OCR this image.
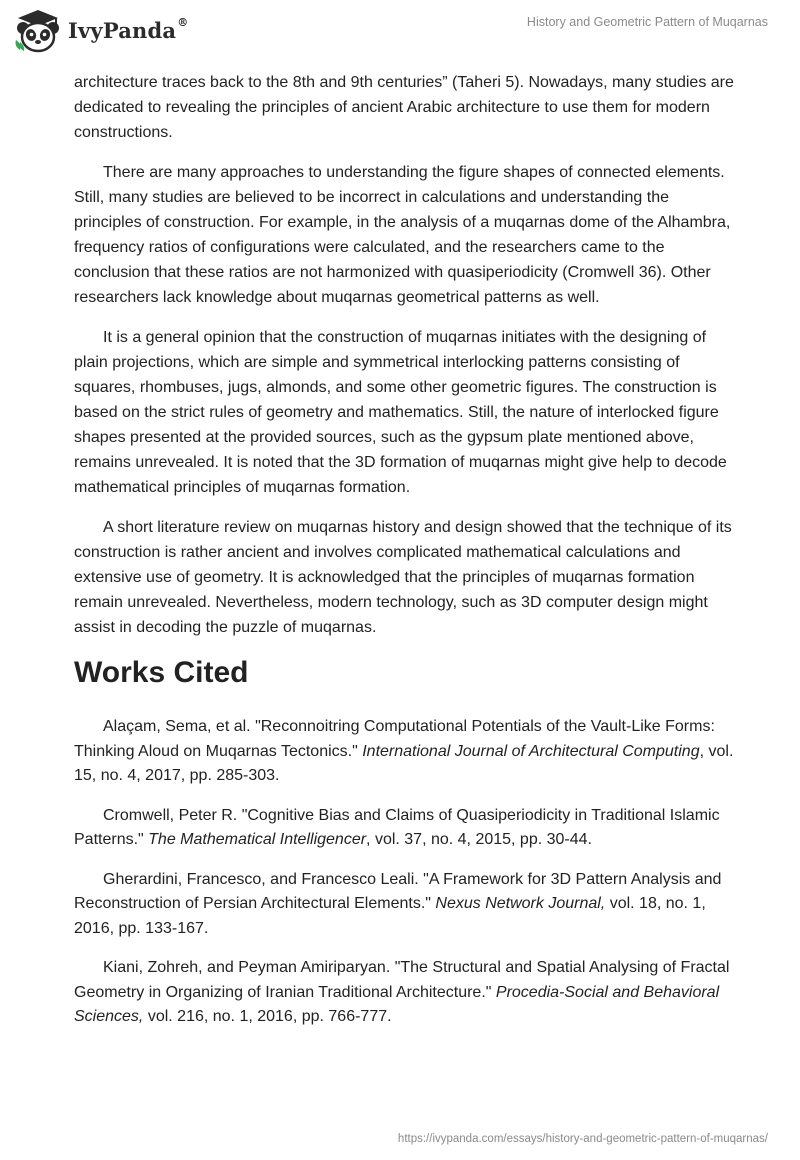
IvyPanda®	History and Geometric Pattern of Muqarnas

architecture traces back to the 8th and 9th centuries” (Taheri 5). Nowadays, many studies are dedicated to revealing the principles of ancient Arabic architecture to use them for modern constructions.

There are many approaches to understanding the figure shapes of connected elements. Still, many studies are believed to be incorrect in calculations and understanding the principles of construction. For example, in the analysis of a muqarnas dome of the Alhambra, frequency ratios of configurations were calculated, and the researchers came to the conclusion that these ratios are not harmonized with quasiperiodicity (Cromwell 36). Other researchers lack knowledge about muqarnas geometrical patterns as well.

It is a general opinion that the construction of muqarnas initiates with the designing of plain projections, which are simple and symmetrical interlocking patterns consisting of squares, rhombuses, jugs, almonds, and some other geometric figures. The construction is based on the strict rules of geometry and mathematics. Still, the nature of interlocked figure shapes presented at the provided sources, such as the gypsum plate mentioned above, remains unrevealed. It is noted that the 3D formation of muqarnas might give help to decode mathematical principles of muqarnas formation.

A short literature review on muqarnas history and design showed that the technique of its construction is rather ancient and involves complicated mathematical calculations and extensive use of geometry. It is acknowledged that the principles of muqarnas formation remain unrevealed. Nevertheless, modern technology, such as 3D computer design might assist in decoding the puzzle of muqarnas.

Works Cited
Alaçam, Sema, et al. "Reconnoitring Computational Potentials of the Vault-Like Forms: Thinking Aloud on Muqarnas Tectonics." International Journal of Architectural Computing, vol. 15, no. 4, 2017, pp. 285-303.
Cromwell, Peter R. "Cognitive Bias and Claims of Quasiperiodicity in Traditional Islamic Patterns." The Mathematical Intelligencer, vol. 37, no. 4, 2015, pp. 30-44.
Gherardini, Francesco, and Francesco Leali. "A Framework for 3D Pattern Analysis and Reconstruction of Persian Architectural Elements." Nexus Network Journal, vol. 18, no. 1, 2016, pp. 133-167.
Kiani, Zohreh, and Peyman Amiriparyan. "The Structural and Spatial Analysing of Fractal Geometry in Organizing of Iranian Traditional Architecture." Procedia-Social and Behavioral Sciences, vol. 216, no. 1, 2016, pp. 766-777.
https://ivypanda.com/essays/history-and-geometric-pattern-of-muqarnas/
